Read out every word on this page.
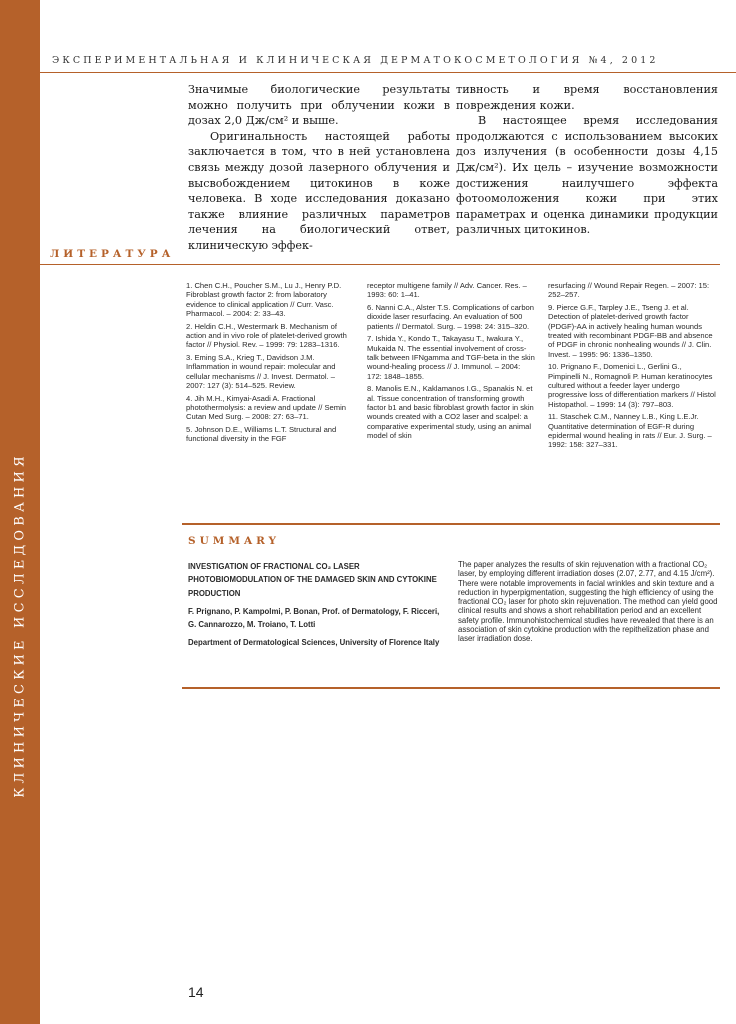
КЛИНИЧЕСКИЕ ИССЛЕДОВАНИЯ
ЭКСПЕРИМЕНТАЛЬНАЯ И КЛИНИЧЕСКАЯ ДЕРМАТОКОСМЕТОЛОГИЯ №4, 2012

Значимые биологические результаты можно получить при облучении кожи в дозах 2,0 Дж/см² и выше.

Оригинальность настоящей работы заключается в том, что в ней установлена связь между дозой лазерного облучения и высвобождением цитокинов в коже человека. В ходе исследования доказано также влияние различных параметров лечения на биологический ответ, клиническую эффек-

тивность и время восстановления повреждения кожи.

В настоящее время исследования продолжаются с использованием высоких доз излучения (в особенности дозы 4,15 Дж/см²). Их цель – изучение возможности достижения наилучшего эффекта фотоомоложения кожи при этих параметрах и оценка динамики продукции различных цитокинов.

ЛИТЕРАТУРА
1. Chen C.H., Poucher S.M., Lu J., Henry P.D. Fibroblast growth factor 2: from laboratory evidence to clinical application // Curr. Vasc. Pharmacol. – 2004: 2: 33–43.
2. Heldin C.H., Westermark B. Mechanism of action and in vivo role of platelet-derived growth factor // Physiol. Rev. – 1999: 79: 1283–1316.
3. Eming S.A., Krieg T., Davidson J.M. Inflammation in wound repair: molecular and cellular mechanisms // J. Invest. Dermatol. – 2007: 127 (3): 514–525. Review.
4. Jih M.H., Kimyai-Asadi A. Fractional photothermolysis: a review and update // Semin Cutan Med Surg. – 2008: 27: 63–71.
5. Johnson D.E., Williams L.T. Structural and functional diversity in the FGF
receptor multigene family // Adv. Cancer. Res. – 1993: 60: 1–41.
6. Nanni C.A., Alster T.S. Complications of carbon dioxide laser resurfacing. An evaluation of 500 patients // Dermatol. Surg. – 1998: 24: 315–320.
7. Ishida Y., Kondo T., Takayasu T., Iwakura Y., Mukaida N. The essential involvement of cross-talk between IFNgamma and TGF-beta in the skin wound-healing process // J. Immunol. – 2004: 172: 1848–1855.
8. Manolis E.N., Kaklamanos I.G., Spanakis N. et al. Tissue concentration of transforming growth factor b1 and basic fibroblast growth factor in skin wounds created with a CO2 laser and scalpel: a comparative experimental study, using an animal model of skin
resurfacing // Wound Repair Regen. – 2007: 15: 252–257.
9. Pierce G.F., Tarpley J.E., Tseng J. et al. Detection of platelet-derived growth factor (PDGF)-AA in actively healing human wounds treated with recombinant PDGF-BB and absence of PDGF in chronic nonhealing wounds // J. Clin. Invest. – 1995: 96: 1336–1350.
10. Prignano F., Domenici L., Gerlini G., Pimpinelli N., Romagnoli P. Human keratinocytes cultured without a feeder layer undergo progressive loss of differentiation markers // Histol Histopathol. – 1999: 14 (3): 797–803.
11. Staschek C.M., Nanney L.B., King L.E.Jr. Quantitative determination of EGF-R during epidermal wound healing in rats // Eur. J. Surg. – 1992: 158: 327–331.
SUMMARY
INVESTIGATION OF FRACTIONAL CO₂ LASER PHOTOBIOMODULATION OF THE DAMAGED SKIN AND CYTOKINE PRODUCTION
F. Prignano, P. Kampolmi, P. Bonan, Prof. of Dermatology, F. Ricceri, G. Cannarozzo, M. Troiano, T. Lotti
Department of Dermatological Sciences, University of Florence Italy
The paper analyzes the results of skin rejuvenation with a fractional CO₂ laser, by employing different irradiation doses (2.07, 2.77, and 4.15 J/cm²). There were notable improvements in facial wrinkles and skin texture and a reduction in hyperpigmentation, suggesting the high efficiency of using the fractional CO₂ laser for photo skin rejuvenation. The method can yield good clinical results and shows a short rehabilitation period and an excellent safety profile. Immunohistochemical studies have revealed that there is an association of skin cytokine production with the repithelization phase and laser irradiation dose.
14
